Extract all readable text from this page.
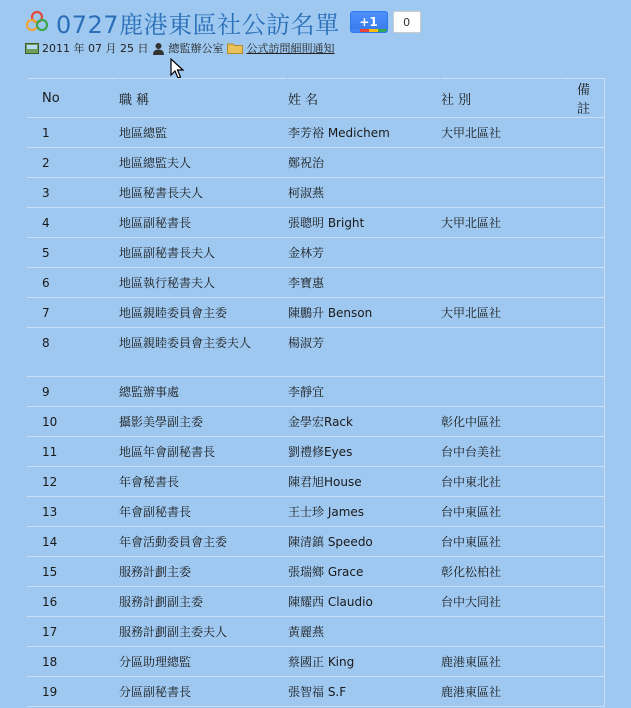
0727鹿港東區社公訪名單	+1	0
2011 年 07 月 25 日 總監辦公室 公式訪問細則通知
No	職 稱	姓 名	社 別	備 註
1	地區總監	李芳裕 Medichem	大甲北區社	
2	地區總監夫人	鄭祝治		
3	地區秘書長夫人	柯淑燕		
4	地區副秘書長	張聰明 Bright	大甲北區社	
5	地區副秘書長夫人	金林芳		
6	地區執行秘書夫人	李寶惠		
7	地區親睦委員會主委	陳鵬升 Benson	大甲北區社	
8	地區親睦委員會主委夫人	楊淑芳		
9	總監辦事處	李靜宜		
10	攝影美學副主委	金學宏Rack	彰化中區社	
11	地區年會副秘書長	劉禮修Eyes	台中台美社	
12	年會秘書長	陳君旭House	台中東北社	
13	年會副秘書長	王士珍 James	台中東區社	
14	年會活動委員會主委	陳清鎮 Speedo	台中東區社	
15	服務計劃主委	張瑞鄉 Grace	彰化松柏社	
16	服務計劃副主委	陳耀西 Claudio	台中大同社	
17	服務計劃副主委夫人	黃麗燕		
18	分區助理總監	蔡國正 King	鹿港東區社	
19	分區副秘書長	張智福 S.F	鹿港東區社	
